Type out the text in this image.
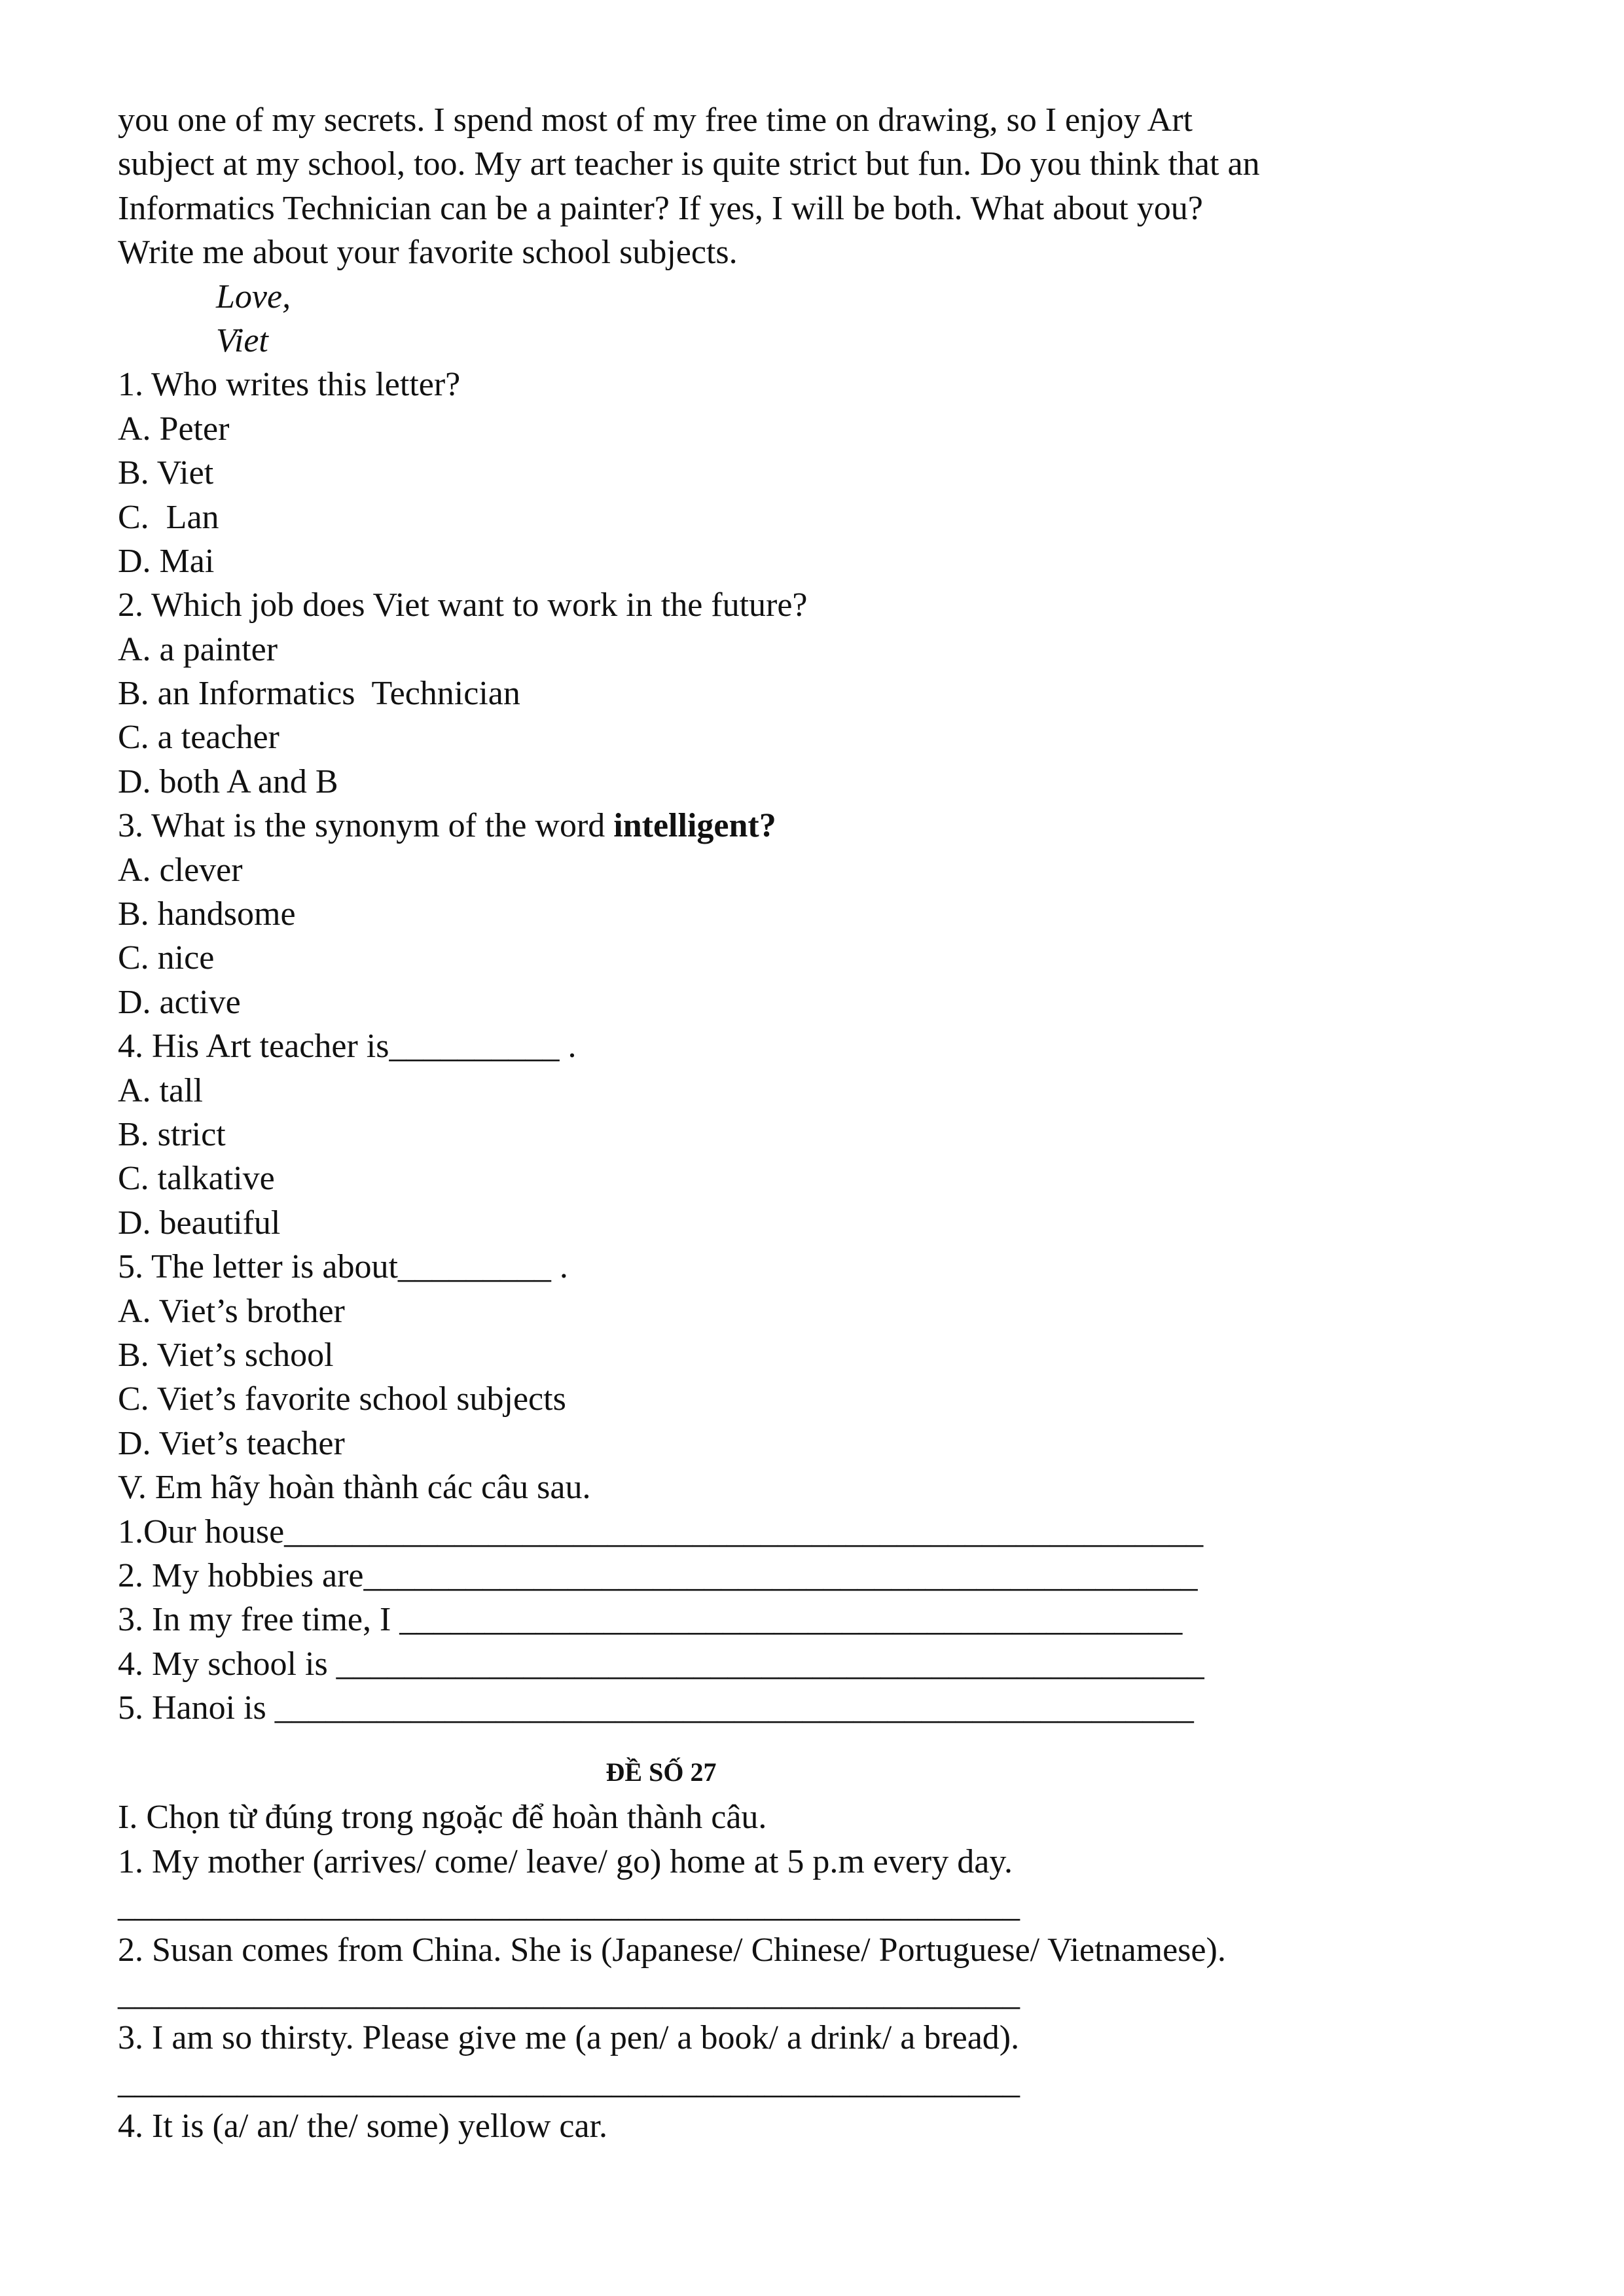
you one of my secrets. I spend most of my free time on drawing, so I enjoy Art
subject at my school, too. My art teacher is quite strict but fun. Do you think that an
Informatics Technician can be a painter? If yes, I will be both. What about you?
Write me about your favorite school subjects.
Love,
Viet
1. Who writes this letter?
A. Peter
B. Viet
C.  Lan
D. Mai
2. Which job does Viet want to work in the future?
A. a painter
B. an Informatics  Technician
C. a teacher
D. both A and B
3. What is the synonym of the word intelligent?
A. clever
B. handsome
C. nice
D. active
4. His Art teacher is__________ .
A. tall
B. strict
C. talkative
D. beautiful
5. The letter is about_________ .
A. Viet’s brother
B. Viet’s school
C. Viet’s favorite school subjects
D. Viet’s teacher
V. Em hãy hoàn thành các câu sau.
1.Our house______________________________________________________
2. My hobbies are_________________________________________________
3. In my free time, I ______________________________________________
4. My school is ___________________________________________________
5. Hanoi is ______________________________________________________
ĐỀ SỐ 27
I. Chọn từ đúng trong ngoặc để hoàn thành câu.
1. My mother (arrives/ come/ leave/ go) home at 5 p.m every day.
_____________________________________________________
2. Susan comes from China. She is (Japanese/ Chinese/ Portuguese/ Vietnamese).
_____________________________________________________
3. I am so thirsty. Please give me (a pen/ a book/ a drink/ a bread).
_____________________________________________________
4. It is (a/ an/ the/ some) yellow car.
